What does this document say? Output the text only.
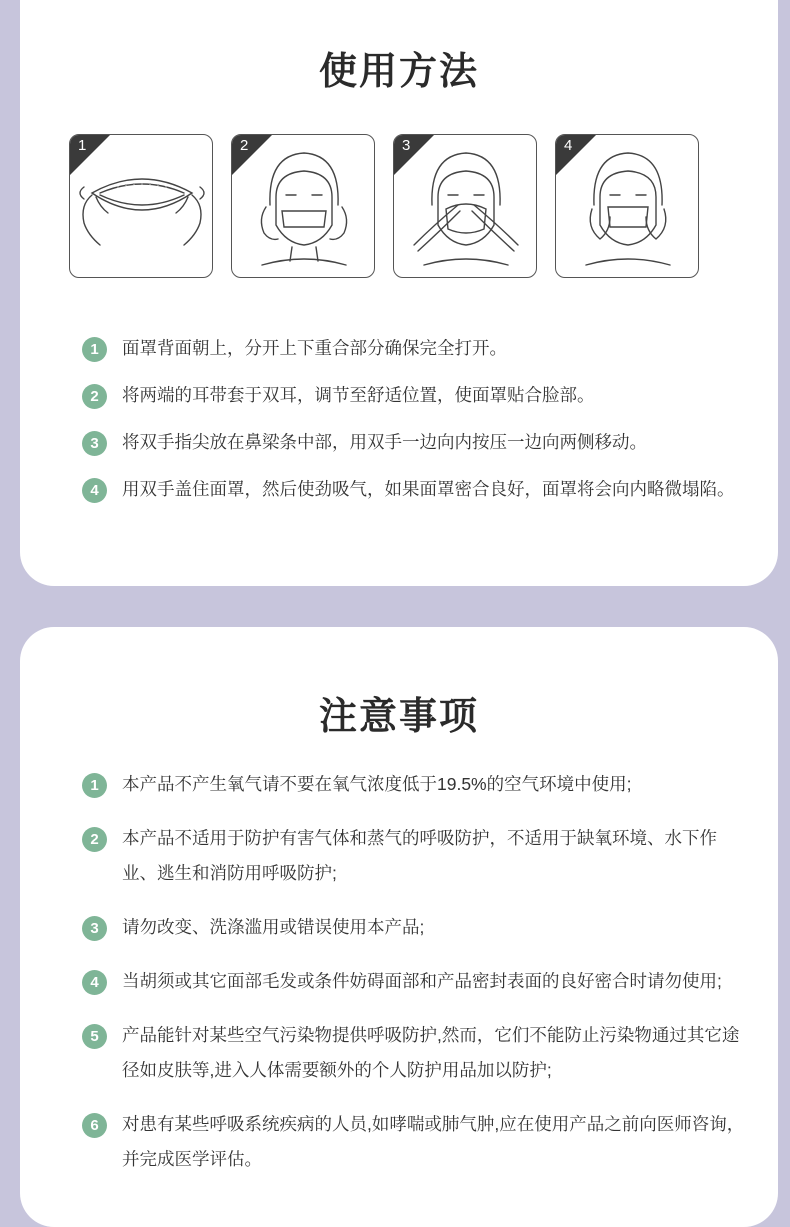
使用方法
1	2	3	4
1	面罩背面朝上，分开上下重合部分确保完全打开。
2	将两端的耳带套于双耳，调节至舒适位置，使面罩贴合脸部。
3	将双手指尖放在鼻梁条中部，用双手一边向内按压一边向两侧移动。
4	用双手盖住面罩，然后使劲吸气，如果面罩密合良好，面罩将会向内略微塌陷。
注意事项
1	本产品不产生氧气请不要在氧气浓度低于19.5%的空气环境中使用;
2	本产品不适用于防护有害气体和蒸气的呼吸防护，不适用于缺氧环境、水下作业、逃生和消防用呼吸防护;
3	请勿改变、洗涤滥用或错误使用本产品;
4	当胡须或其它面部毛发或条件妨碍面部和产品密封表面的良好密合时请勿使用;
5	产品能针对某些空气污染物提供呼吸防护,然而，它们不能防止污染物通过其它途径如皮肤等,进入人体需要额外的个人防护用品加以防护;
6	对患有某些呼吸系统疾病的人员,如哮喘或肺气肿,应在使用产品之前向医师咨询，并完成医学评估。
